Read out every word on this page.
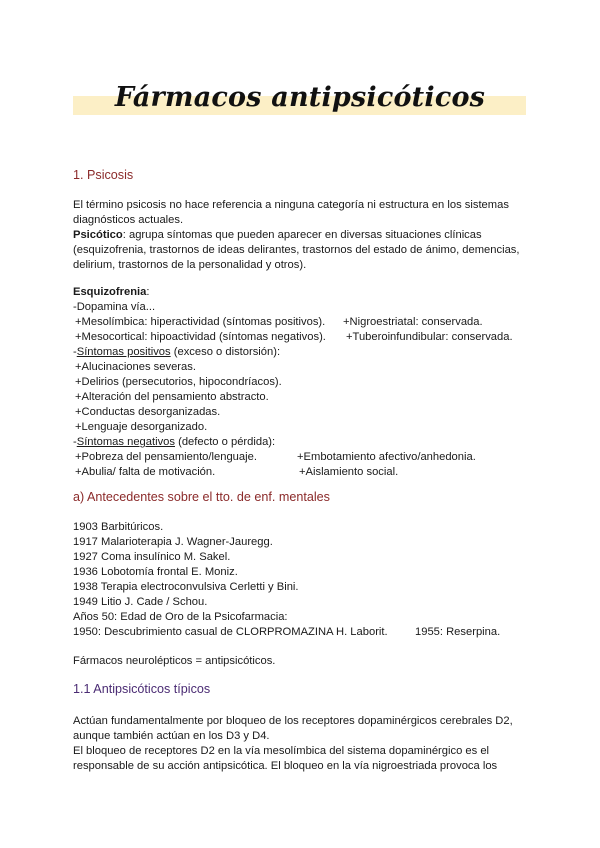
Fármacos antipsicóticos
1. Psicosis
El término psicosis no hace referencia a ninguna categoría ni estructura en los sistemas
diagnósticos actuales.
Psicótico: agrupa síntomas que pueden aparecer en diversas situaciones clínicas
(esquizofrenia, trastornos de ideas delirantes, trastornos del estado de ánimo, demencias,
delirium, trastornos de la personalidad y otros).
Esquizofrenia:
-Dopamina vía...
+Mesolímbica: hiperactividad (síntomas positivos). +Nigroestriatal: conservada.
+Mesocortical: hipoactividad (síntomas negativos). +Tuberoinfundibular: conservada.
-Síntomas positivos (exceso o distorsión):
+Alucinaciones severas.
+Delirios (persecutorios, hipocondríacos).
+Alteración del pensamiento abstracto.
+Conductas desorganizadas.
+Lenguaje desorganizado.
-Síntomas negativos (defecto o pérdida):
+Pobreza del pensamiento/lenguaje.	+Embotamiento afectivo/anhedonia.
+Abulia/ falta de motivación.	+Aislamiento social.
a) Antecedentes sobre el tto. de enf. mentales
1903 Barbitúricos.
1917 Malarioterapia J. Wagner-Jauregg.
1927 Coma insulínico M. Sakel.
1936 Lobotomía frontal E. Moniz.
1938 Terapia electroconvulsiva Cerletti y Bini.
1949 Litio J. Cade / Schou.
Años 50: Edad de Oro de la Psicofarmacia:
1950: Descubrimiento casual de CLORPROMAZINA H. Laborit. 1955: Reserpina.
Fármacos neurolépticos = antipsicóticos.
1.1 Antipsicóticos típicos
Actúan fundamentalmente por bloqueo de los receptores dopaminérgicos cerebrales D2,
aunque también actúan en los D3 y D4.
El bloqueo de receptores D2 en la vía mesolímbica del sistema dopaminérgico es el
responsable de su acción antipsicótica. El bloqueo en la vía nigroestriada provoca los
